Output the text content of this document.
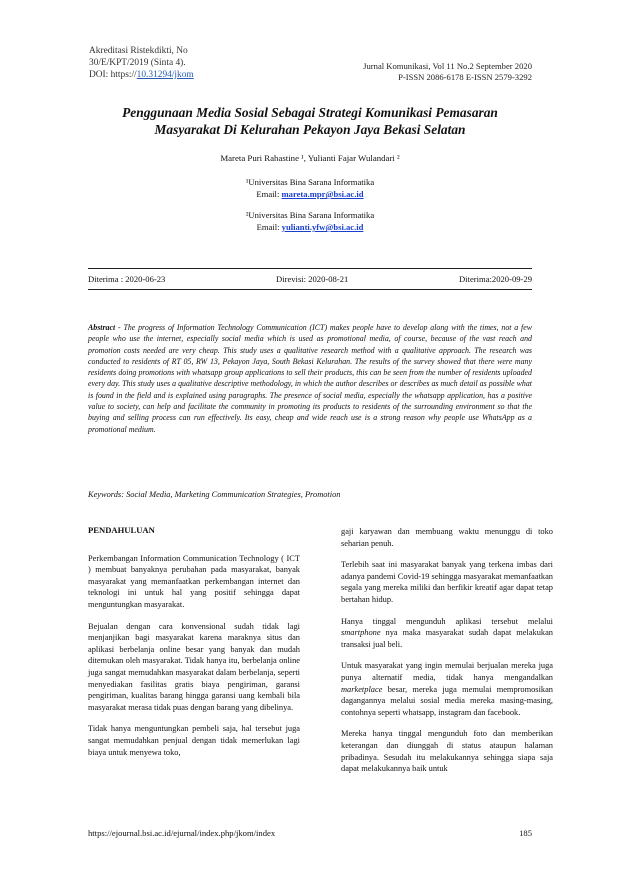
Akreditasi Ristekdikti, No
30/E/KPT/2019 (Sinta 4).
DOI: https://10.31294/jkom
Jurnal Komunikasi, Vol 11 No.2 September 2020
P-ISSN 2086-6178 E-ISSN 2579-3292
Penggunaan Media Sosial Sebagai Strategi Komunikasi Pemasaran
Masyarakat Di Kelurahan Pekayon Jaya Bekasi Selatan
Mareta Puri Rahastine ¹, Yulianti Fajar Wulandari ²
¹Universitas Bina Sarana Informatika
Email: mareta.mpr@bsi.ac.id
²Universitas Bina Sarana Informatika
Email: yulianti.yfw@bsi.ac.id
Diterima : 2020-06-23	Direvisi: 2020-08-21	Diterima:2020-09-29
Abstract - The progress of Information Technology Communication (ICT) makes people have to develop along with the times, not a few people who use the internet, especially social media which is used as promotional media, of course, because of the vast reach and promotion costs needed are very cheap. This study uses a qualitative research method with a qualitative approach. The research was conducted to residents of RT 05, RW 13, Pekayon Jaya, South Bekasi Kelurahan. The results of the survey showed that there were many residents doing promotions with whatsapp group applications to sell their products, this can be seen from the number of residents uploaded every day. This study uses a qualitative descriptive methodology, in which the author describes or describes as much detail as possible what is found in the field and is explained using paragraphs. The presence of social media, especially the whatsapp application, has a positive value to society, can help and facilitate the community in promoting its products to residents of the surrounding environment so that the buying and selling process can run effectively. Its easy, cheap and wide reach use is a strong reason why people use WhatsApp as a promotional medium.
Keywords: Social Media, Marketing Communication Strategies, Promotion

PENDAHULUAN

Perkembangan Information Communication Technology ( ICT ) membuat banyaknya perubahan pada masyarakat, banyak masyarakat yang memanfaatkan perkembangan internet dan teknologi ini untuk hal yang positif sehingga dapat menguntungkan masyarakat.

Bejualan dengan cara konvensional sudah tidak lagi menjanjikan bagi masyarakat karena maraknya situs dan aplikasi berbelanja online besar yang banyak dan mudah ditemukan oleh masyarakat. Tidak hanya itu, berbelanja online juga sangat memudahkan masyarakat dalam berbelanja, seperti menyediakan fasilitas gratis biaya pengiriman, garansi pengiriman, kualitas barang hingga garansi uang kembali bila masyarakat merasa tidak puas dengan barang yang dibelinya.

Tidak hanya menguntungkan pembeli saja, hal tersebut juga sangat memudahkan penjual dengan tidak memerlukan lagi biaya untuk menyewa toko,

gaji karyawan dan membuang waktu menunggu di toko seharian penuh.

Terlebih saat ini masyarakat banyak yang terkena imbas dari adanya pandemi Covid-19 sehingga masyarakat memanfaatkan segala yang mereka miliki dan berfikir kreatif agar dapat tetap bertahan hidup.

Hanya tinggal mengunduh aplikasi tersebut melalui smartphone nya maka masyarakat sudah dapat melakukan transaksi jual beli.

Untuk masyarakat yang ingin memulai berjualan mereka juga punya alternatif media, tidak hanya mengandalkan marketplace besar, mereka juga memulai mempromosikan dagangannya melalui sosial media mereka masing-masing, contohnya seperti whatsapp, instagram dan facebook.

Mereka hanya tinggal mengunduh foto dan memberikan keterangan dan diunggah di status ataupun halaman pribadinya. Sesudah itu melakukannya sehingga siapa saja dapat melakukannya baik untuk

https://ejournal.bsi.ac.id/ejurnal/index.php/jkom/index	185
